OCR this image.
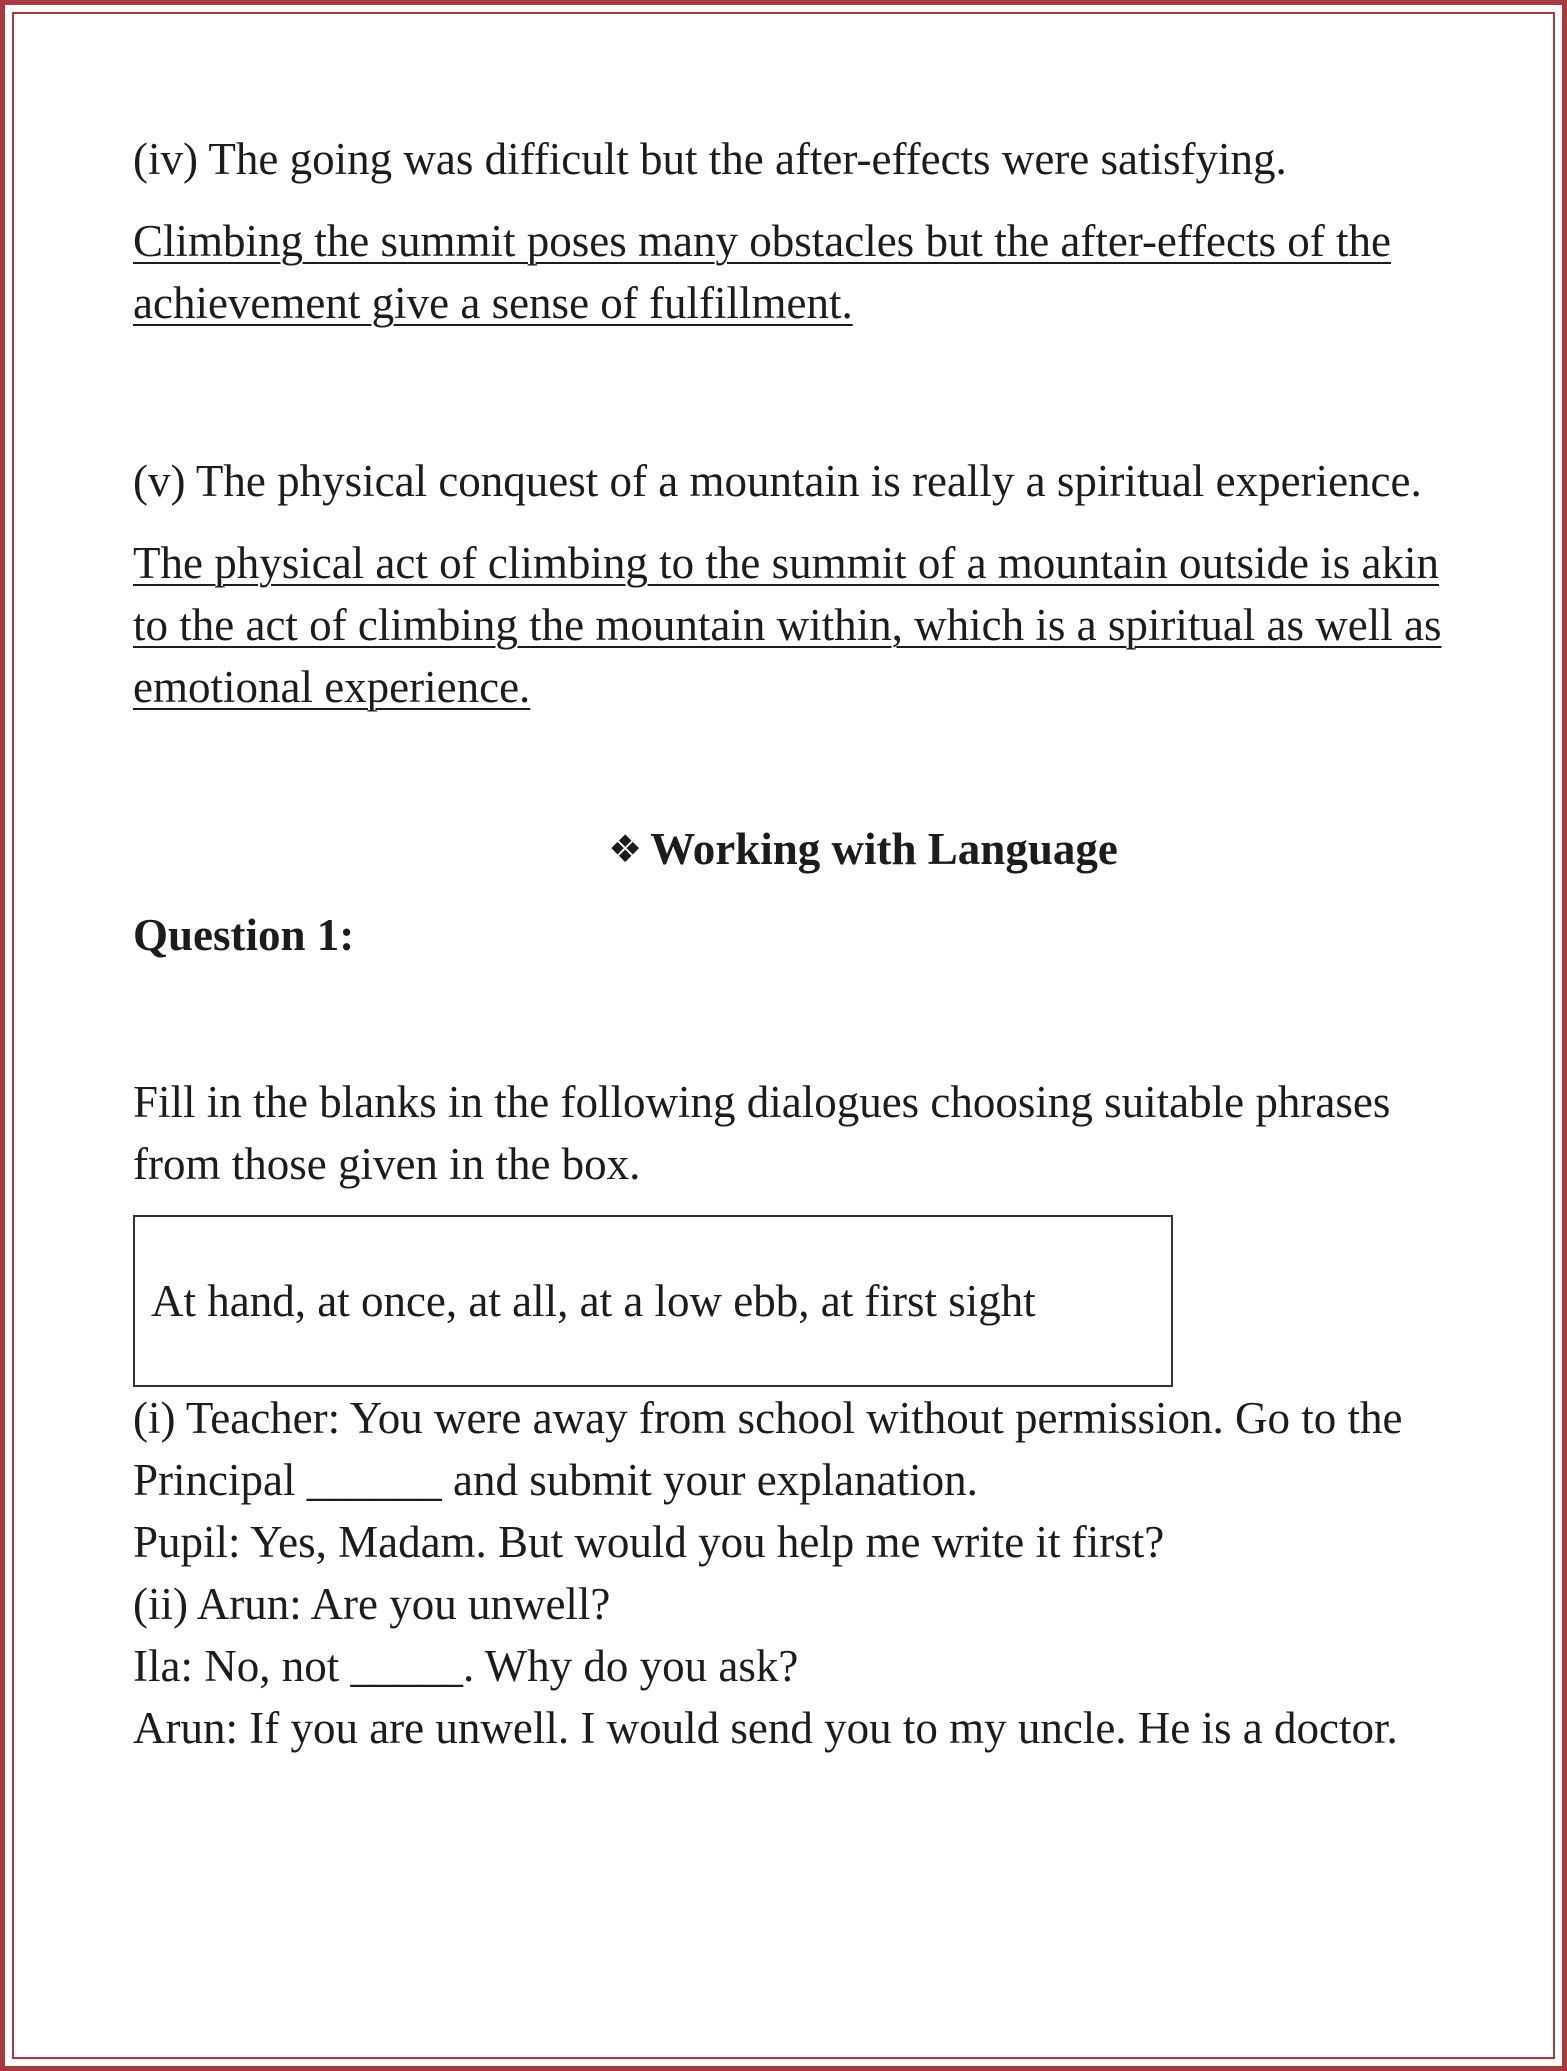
(iv) The going was difficult but the after-effects were satisfying.

Climbing the summit poses many obstacles but the after-effects of the achievement give a sense of fulfillment.

(v) The physical conquest of a mountain is really a spiritual experience.

The physical act of climbing to the summit of a mountain outside is akin to the act of climbing the mountain within, which is a spiritual as well as emotional experience.

❖ Working with Language

Question 1:

Fill in the blanks in the following dialogues choosing suitable phrases from those given in the box.

At hand, at once, at all, at a low ebb, at first sight

(i) Teacher: You were away from school without permission. Go to the Principal ______ and submit your explanation.

Pupil: Yes, Madam. But would you help me write it first?

(ii) Arun: Are you unwell?

Ila: No, not _____. Why do you ask?

Arun: If you are unwell. I would send you to my uncle. He is a doctor.
